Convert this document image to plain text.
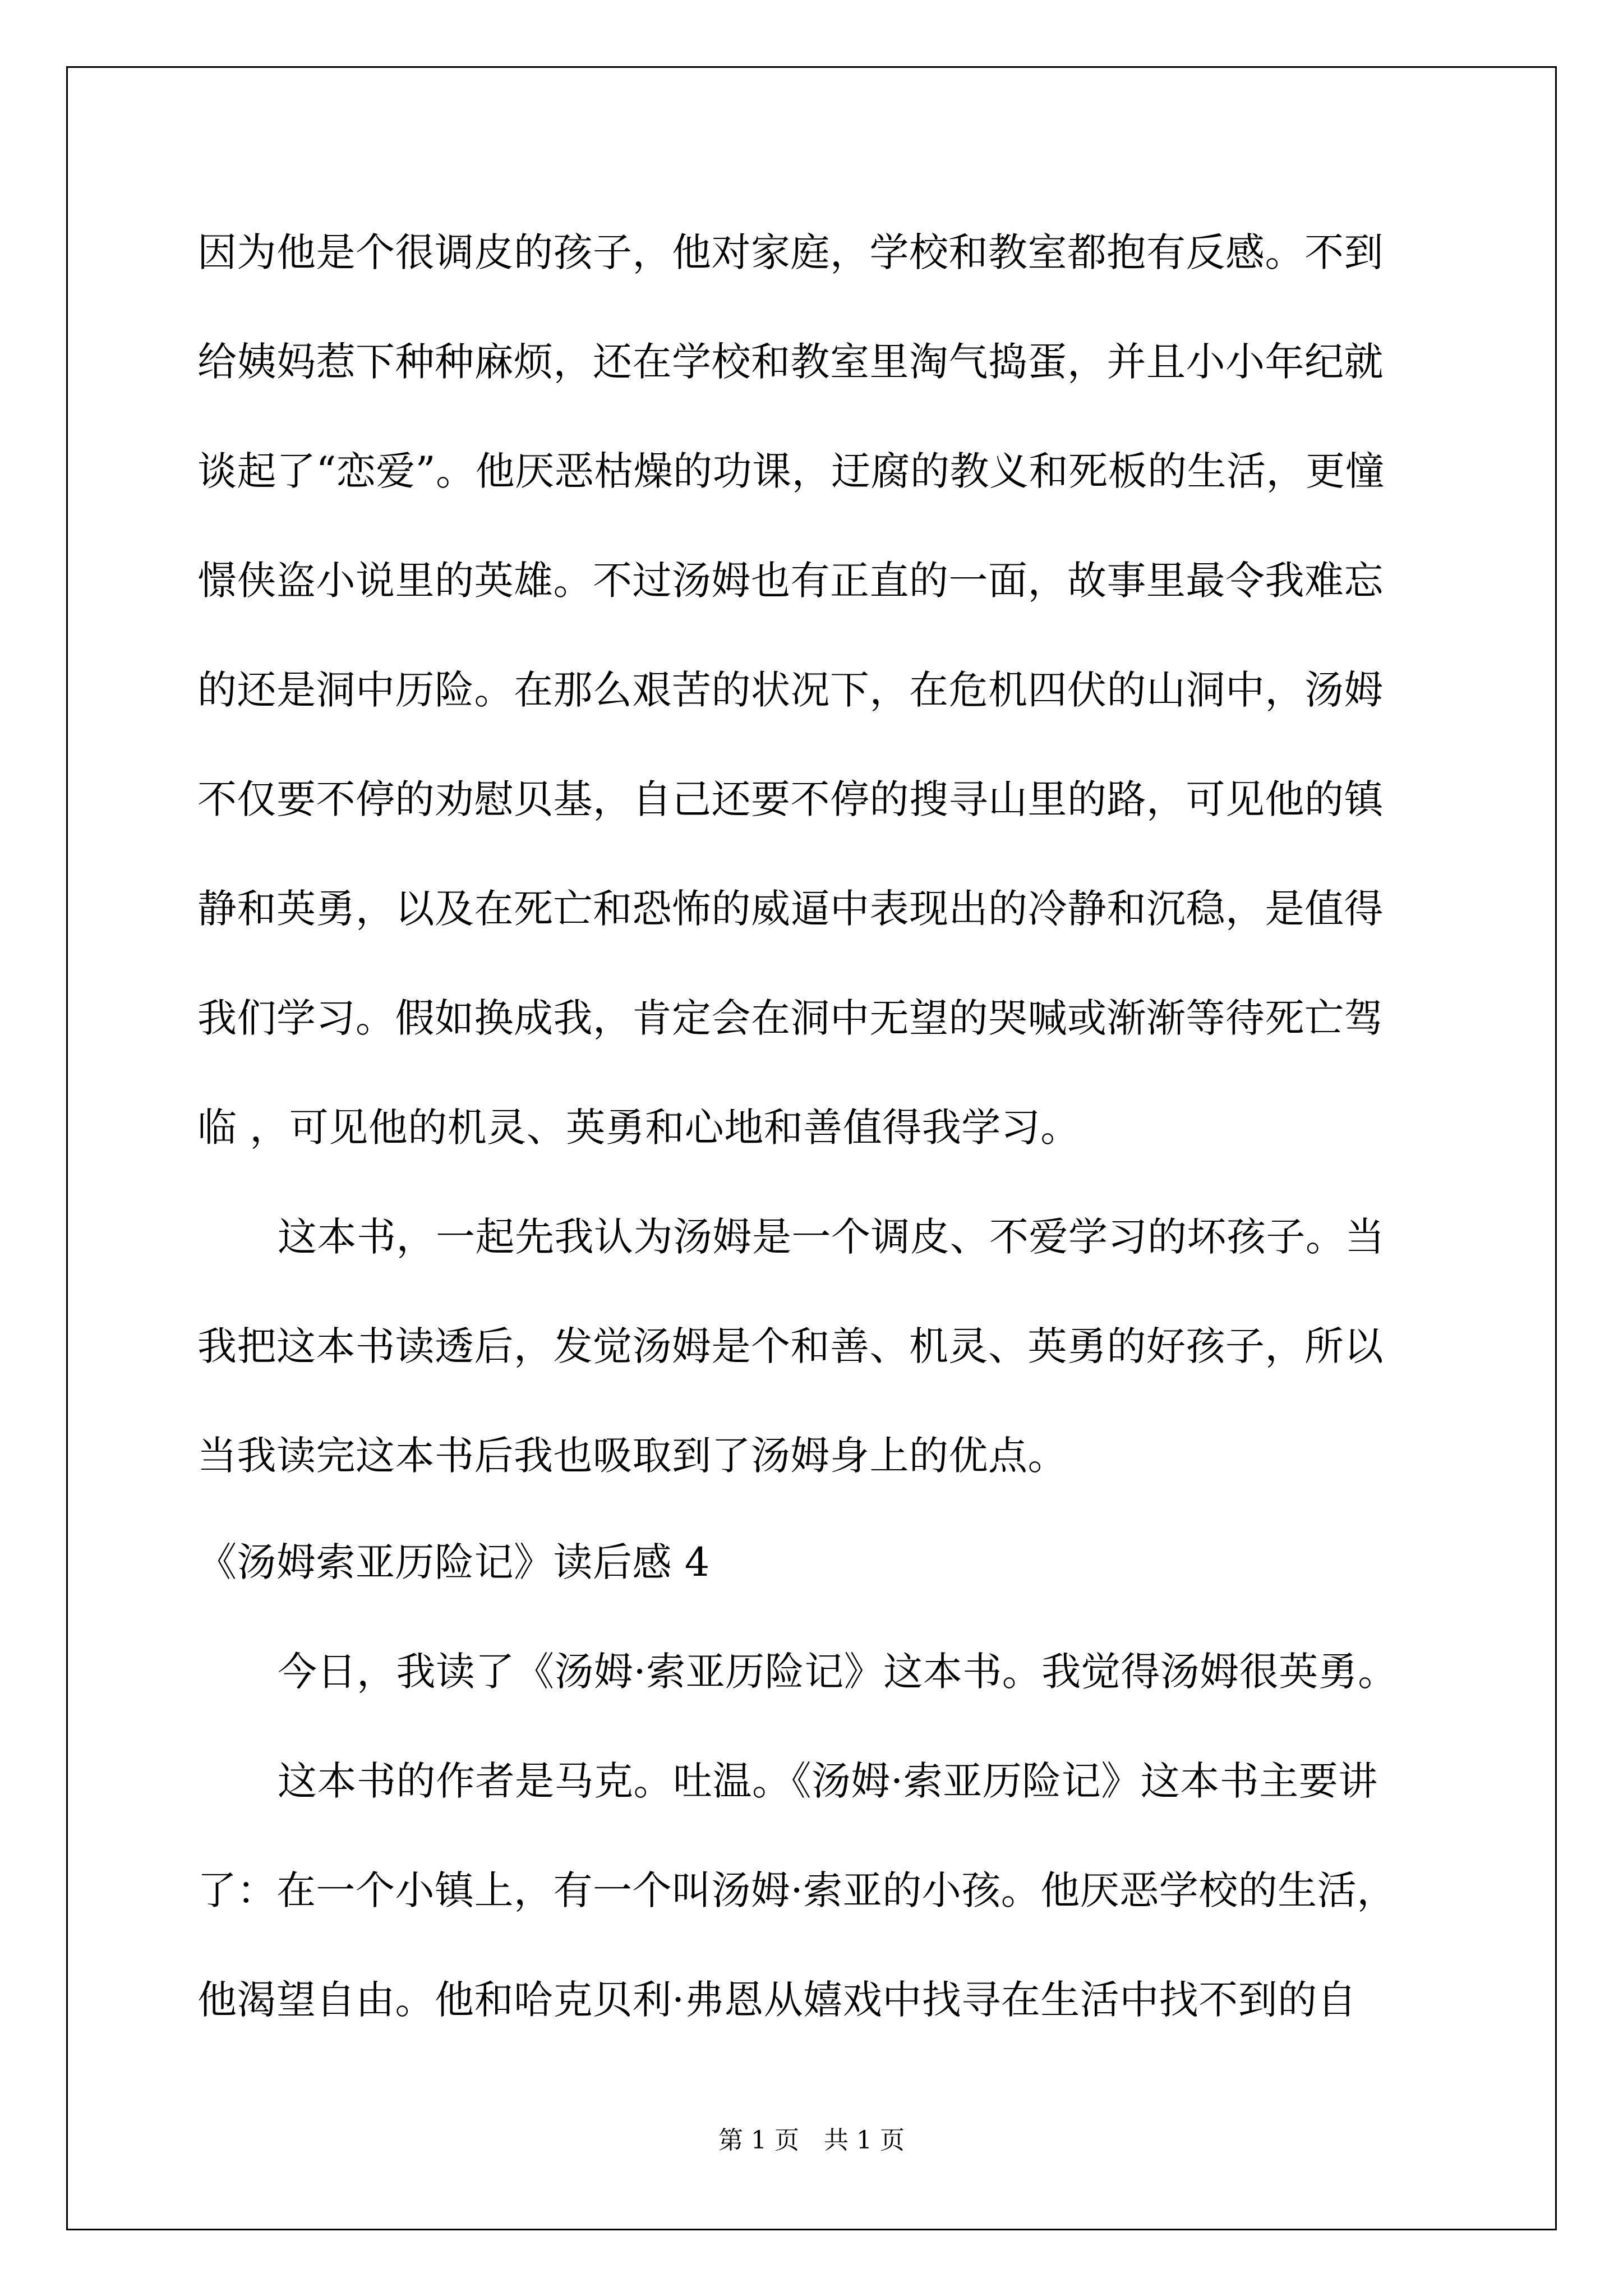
因为他是个很调皮的孩子，他对家庭，学校和教室都抱有反感。不到
给姨妈惹下种种麻烦，还在学校和教室里淘气捣蛋，并且小小年纪就
谈起了“恋爱”。他厌恶枯燥的功课，迂腐的教义和死板的生活，更憧
憬侠盗小说里的英雄。不过汤姆也有正直的一面，故事里最令我难忘
的还是洞中历险。在那么艰苦的状况下，在危机四伏的山洞中，汤姆
不仅要不停的劝慰贝基，自己还要不停的搜寻山里的路，可见他的镇
静和英勇，以及在死亡和恐怖的威逼中表现出的冷静和沉稳，是值得
我们学习。假如换成我，肯定会在洞中无望的哭喊或渐渐等待死亡驾
临 ，可见他的机灵、英勇和心地和善值得我学习。
这本书，一起先我认为汤姆是一个调皮、不爱学习的坏孩子。当
我把这本书读透后，发觉汤姆是个和善、机灵、英勇的好孩子，所以
当我读完这本书后我也吸取到了汤姆身上的优点。
《汤姆索亚历险记》读后感 4
今日，我读了《汤姆·索亚历险记》这本书。我觉得汤姆很英勇。
这本书的作者是马克。吐温。《汤姆·索亚历险记》这本书主要讲
了：在一个小镇上，有一个叫汤姆·索亚的小孩。他厌恶学校的生活，
他渴望自由。他和哈克贝利·弗恩从嬉戏中找寻在生活中找不到的自
第 1 页　共 1 页
